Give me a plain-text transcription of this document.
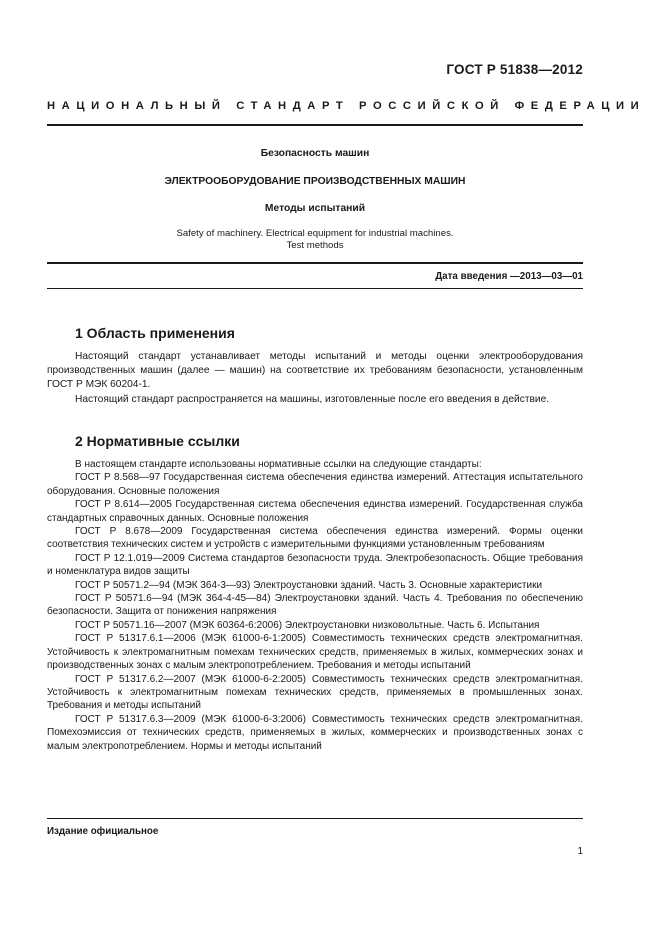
ГОСТ Р 51838—2012
НАЦИОНАЛЬНЫЙ СТАНДАРТ РОССИЙСКОЙ ФЕДЕРАЦИИ
Безопасность машин
ЭЛЕКТРООБОРУДОВАНИЕ ПРОИЗВОДСТВЕННЫХ МАШИН
Методы испытаний
Safety of machinery. Electrical equipment for industrial machines.
Test methods
Дата введения —2013—03—01
1 Область применения

Настоящий стандарт устанавливает методы испытаний и методы оценки электрооборудования производственных машин (далее — машин) на соответствие их требованиям безопасности, установленным ГОСТ Р МЭК 60204-1.

Настоящий стандарт распространяется на машины, изготовленные после его введения в действие.

2 Нормативные ссылки

В настоящем стандарте использованы нормативные ссылки на следующие стандарты:

ГОСТ Р 8.568—97 Государственная система обеспечения единства измерений. Аттестация испытательного оборудования. Основные положения

ГОСТ Р 8.614—2005 Государственная система обеспечения единства измерений. Государственная служба стандартных справочных данных. Основные положения

ГОСТ Р 8.678—2009 Государственная система обеспечения единства измерений. Формы оценки соответствия технических систем и устройств с измерительными функциями установленным требованиям

ГОСТ Р 12.1.019—2009 Система стандартов безопасности труда. Электробезопасность. Общие требования и номенклатура видов защиты

ГОСТ Р 50571.2—94 (МЭК 364-3—93) Электроустановки зданий. Часть 3. Основные характеристики

ГОСТ Р 50571.6—94 (МЭК 364-4-45—84) Электроустановки зданий. Часть 4. Требования по обеспечению безопасности. Защита от понижения напряжения

ГОСТ Р 50571.16—2007 (МЭК 60364-6:2006) Электроустановки низковольтные. Часть 6. Испытания

ГОСТ Р 51317.6.1—2006 (МЭК 61000-6-1:2005) Совместимость технических средств электромагнитная. Устойчивость к электромагнитным помехам технических средств, применяемых в жилых, коммерческих зонах и производственных зонах с малым электропотреблением. Требования и методы испытаний

ГОСТ Р 51317.6.2—2007 (МЭК 61000-6-2:2005) Совместимость технических средств электромагнитная. Устойчивость к электромагнитным помехам технических средств, применяемых в промышленных зонах. Требования и методы испытаний

ГОСТ Р 51317.6.3—2009 (МЭК 61000-6-3:2006) Совместимость технических средств электромагнитная. Помехоэмиссия от технических средств, применяемых в жилых, коммерческих и производственных зонах с малым электропотреблением. Нормы и методы испытаний

Издание официальное
1
